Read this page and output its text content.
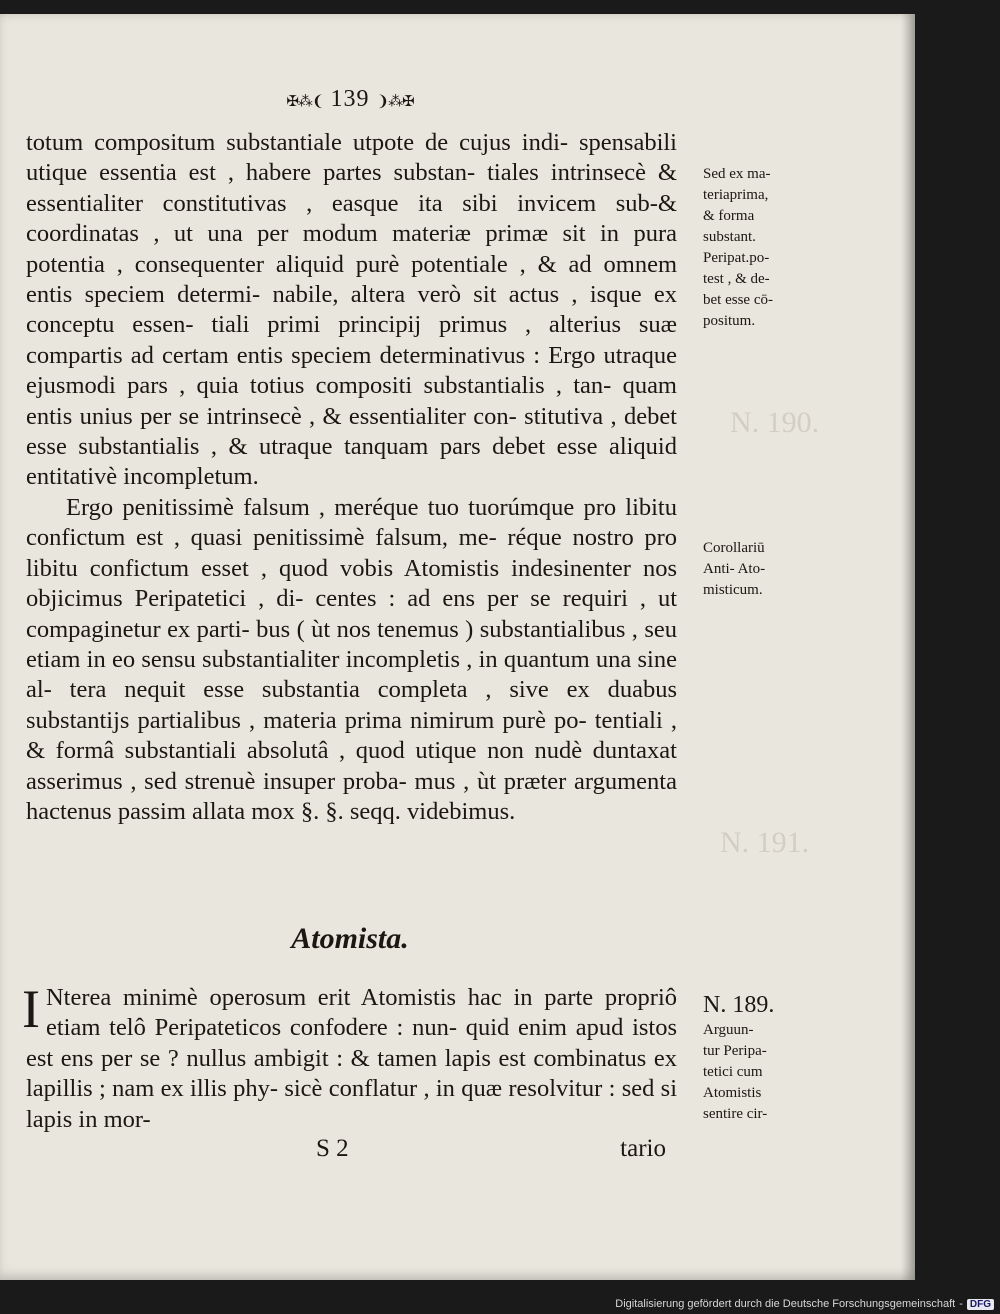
N. 190.
N. 191.
✠⁂❨ 139 ❩⁂✠

totum compositum substantiale utpote de cujus indi- spensabili utique essentia est , habere partes substan- tiales intrinsecè & essentialiter constitutivas , easque ita sibi invicem sub-& coordinatas , ut una per modum materiæ primæ sit in pura potentia , consequenter aliquid purè potentiale , & ad omnem entis speciem determi- nabile, altera verò sit actus , isque ex conceptu essen- tiali primi principij primus , alterius suæ compartis ad certam entis speciem determinativus : Ergo utraque ejusmodi pars , quia totius compositi substantialis , tan- quam entis unius per se intrinsecè , & essentialiter con- stitutiva , debet esse substantialis , & utraque tanquam pars debet esse aliquid entitativè incompletum.

Ergo penitissimè falsum , meréque tuo tuorúmque pro libitu confictum est , quasi penitissimè falsum, me- réque nostro pro libitu confictum esset , quod vobis Atomistis indesinenter nos objicimus Peripatetici , di- centes : ad ens per se requiri , ut compaginetur ex parti- bus ( ùt nos tenemus ) substantialibus , seu etiam in eo sensu substantialiter incompletis , in quantum una sine al- tera nequit esse substantia completa , sive ex duabus substantijs partialibus , materia prima nimirum purè po- tentiali , & formâ substantiali absolutâ , quod utique non nudè duntaxat asserimus , sed strenuè insuper proba- mus , ùt præter argumenta hactenus passim allata mox §. §. seqq. videbimus.

Atomista.
I Nterea minimè operosum erit Atomistis hac in parte propriô etiam telô Peripateticos confodere : nun- quid enim apud istos est ens per se ? nullus ambigit : & tamen lapis est combinatus ex lapillis ; nam ex illis phy- sicè conflatur , in quæ resolvitur : sed si lapis in mor-
S 2	tario
Sed ex ma-
teriaprima,
& forma
substant.
Peripat.po-
test , & de-
bet esse cō-
positum.
Corollariū
Anti- Ato-
misticum.
N. 189.
Arguun-
tur Peripa-
tetici cum
Atomistis
sentire cir-
Digitalisierung gefördert durch die Deutsche Forschungsgemeinschaft - DFG
